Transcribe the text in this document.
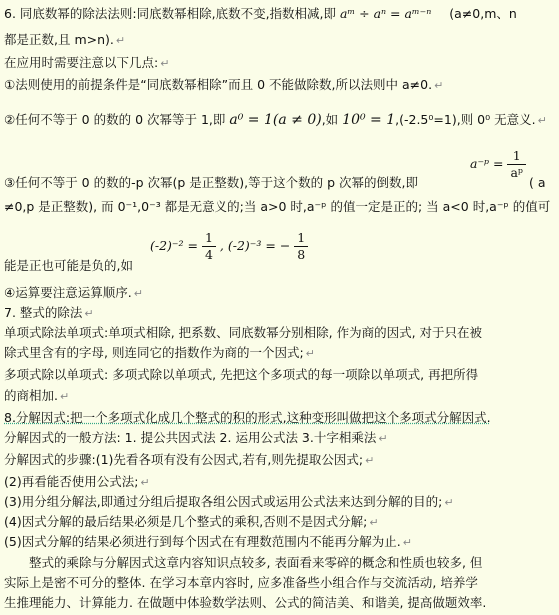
6. 同底数幂的除法法则:同底数幂相除,底数不变,指数相减,即 aᵐ ÷ aⁿ = aᵐ⁻ⁿ (a≠0,m、n
都是正数,且 m>n). ↵
在应用时需要注意以下几点: ↵
①法则使用的前提条件是“同底数幂相除”而且 0 不能做除数,所以法则中 a≠0. ↵
②任何不等于 0 的数的 0 次幂等于 1,即 a⁰ = 1(a ≠ 0),如 10⁰ = 1,(-2.5⁰=1),则 0⁰ 无意义. ↵
a⁻ᵖ = $\frac{1}{\text{aᵖ}}$
③任何不等于 0 的数的-p 次幂(p 是正整数),等于这个数的 p 次幂的倒数,即	( a
≠0,p 是正整数), 而 0⁻¹,0⁻³ 都是无意义的;当 a>0 时,a⁻ᵖ 的值一定是正的; 当 a<0 时,a⁻ᵖ 的值可
$(-2)^{-2} = \frac{1}{4}$ , (-2)⁻³ = − $\frac{1}{8}$
能是正也可能是负的,如
④运算要注意运算顺序. ↵
7. 整式的除法 ↵
单项式除法单项式:单项式相除, 把系数、同底数幂分别相除, 作为商的因式, 对于只在被
除式里含有的字母, 则连同它的指数作为商的一个因式; ↵
多项式除以单项式: 多项式除以单项式, 先把这个多项式的每一项除以单项式, 再把所得
的商相加. ↵
8.分解因式:把一个多项式化成几个整式的积的形式,这种变形叫做把这个多项式分解因式.
分解因式的一般方法: 1. 提公共因式法 2. 运用公式法 3.十字相乘法 ↵
分解因式的步骤:(1)先看各项有没有公因式,若有,则先提取公因式; ↵
(2)再看能否使用公式法; ↵
(3)用分组分解法,即通过分组后提取各组公因式或运用公式法来达到分解的目的; ↵
(4)因式分解的最后结果必须是几个整式的乘积,否则不是因式分解; ↵
(5)因式分解的结果必须进行到每个因式在有理数范围内不能再分解为止. ↵
　　整式的乘除与分解因式这章内容知识点较多, 表面看来零碎的概念和性质也较多, 但
实际上是密不可分的整体. 在学习本章内容时, 应多准备些小组合作与交流活动, 培养学
生推理能力、计算能力. 在做题中体验数学法则、公式的简洁美、和谐美, 提高做题效率.
